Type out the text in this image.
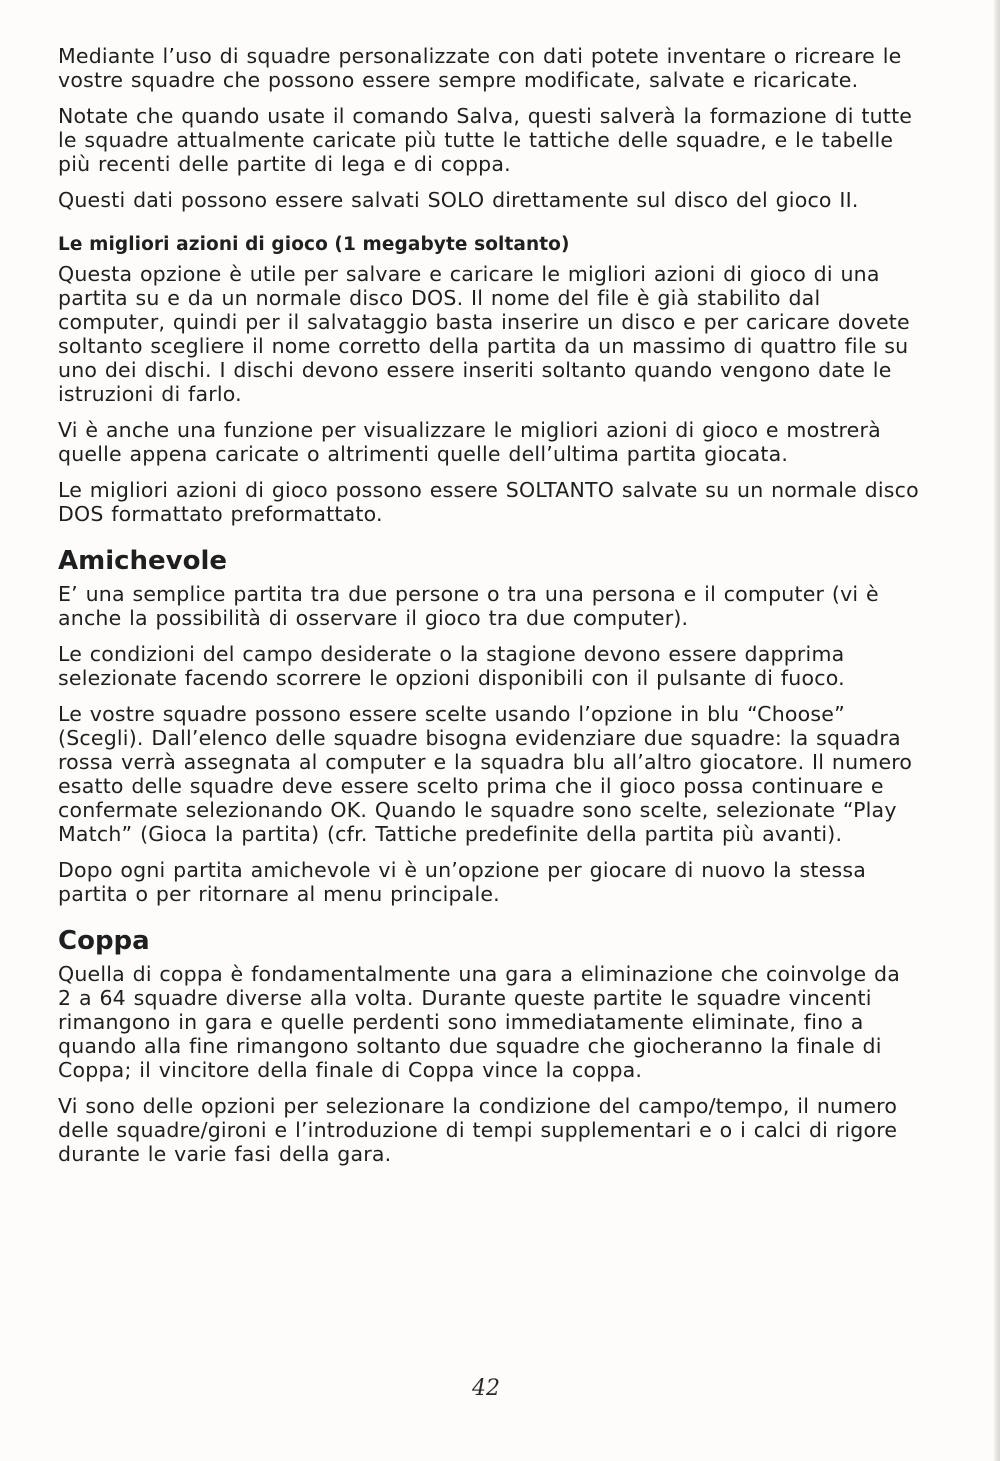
Mediante l’uso di squadre personalizzate con dati potete inventare o ricreare le vostre squadre che possono essere sempre modificate, salvate e ricaricate.

Notate che quando usate il comando Salva, questi salverà la formazione di tutte le squadre attualmente caricate più tutte le tattiche delle squadre, e le tabelle più recenti delle partite di lega e di coppa.

Questi dati possono essere salvati SOLO direttamente sul disco del gioco II.

Le migliori azioni di gioco (1 megabyte soltanto)

Questa opzione è utile per salvare e caricare le migliori azioni di gioco di una partita su e da un normale disco DOS. Il nome del file è già stabilito dal computer, quindi per il salvataggio basta inserire un disco e per caricare dovete soltanto scegliere il nome corretto della partita da un massimo di quattro file su uno dei dischi. I dischi devono essere inseriti soltanto quando vengono date le istruzioni di farlo.

Vi è anche una funzione per visualizzare le migliori azioni di gioco e mostrerà quelle appena caricate o altrimenti quelle dell’ultima partita giocata.

Le migliori azioni di gioco possono essere SOLTANTO salvate su un normale disco DOS formattato preformattato.

Amichevole

E’ una semplice partita tra due persone o tra una persona e il computer (vi è anche la possibilità di osservare il gioco tra due computer).

Le condizioni del campo desiderate o la stagione devono essere dapprima selezionate facendo scorrere le opzioni disponibili con il pulsante di fuoco.

Le vostre squadre possono essere scelte usando l’opzione in blu “Choose” (Scegli). Dall’elenco delle squadre bisogna evidenziare due squadre: la squadra rossa verrà assegnata al computer e la squadra blu all’altro giocatore. Il numero esatto delle squadre deve essere scelto prima che il gioco possa continuare e confermate selezionando OK. Quando le squadre sono scelte, selezionate “Play Match” (Gioca la partita) (cfr. Tattiche predefinite della partita più avanti).

Dopo ogni partita amichevole vi è un’opzione per giocare di nuovo la stessa partita o per ritornare al menu principale.

Coppa

Quella di coppa è fondamentalmente una gara a eliminazione che coinvolge da 2 a 64 squadre diverse alla volta. Durante queste partite le squadre vincenti rimangono in gara e quelle perdenti sono immediatamente eliminate, fino a quando alla fine rimangono soltanto due squadre che giocheranno la finale di Coppa; il vincitore della finale di Coppa vince la coppa.

Vi sono delle opzioni per selezionare la condizione del campo/tempo, il numero delle squadre/gironi e l’introduzione di tempi supplementari e o i calci di rigore durante le varie fasi della gara.

42
